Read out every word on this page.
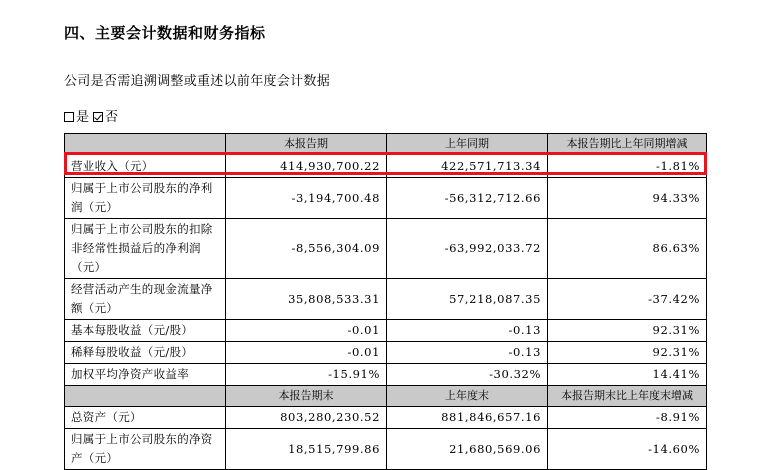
四、主要会计数据和财务指标
公司是否需追溯调整或重述以前年度会计数据
是 否
	本报告期	上年同期	本报告期比上年同期增减
营业收入（元）	414,930,700.22	422,571,713.34	-1.81%
归属于上市公司股东的净利润（元）	-3,194,700.48	-56,312,712.66	94.33%
归属于上市公司股东的扣除非经常性损益后的净利润（元）	-8,556,304.09	-63,992,033.72	86.63%
经营活动产生的现金流量净额（元）	35,808,533.31	57,218,087.35	-37.42%
基本每股收益（元/股）	-0.01	-0.13	92.31%
稀释每股收益（元/股）	-0.01	-0.13	92.31%
加权平均净资产收益率	-15.91%	-30.32%	14.41%
	本报告期末	上年度末	本报告期末比上年度末增减
总资产（元）	803,280,230.52	881,846,657.16	-8.91%
归属于上市公司股东的净资产（元）	18,515,799.86	21,680,569.06	-14.60%
